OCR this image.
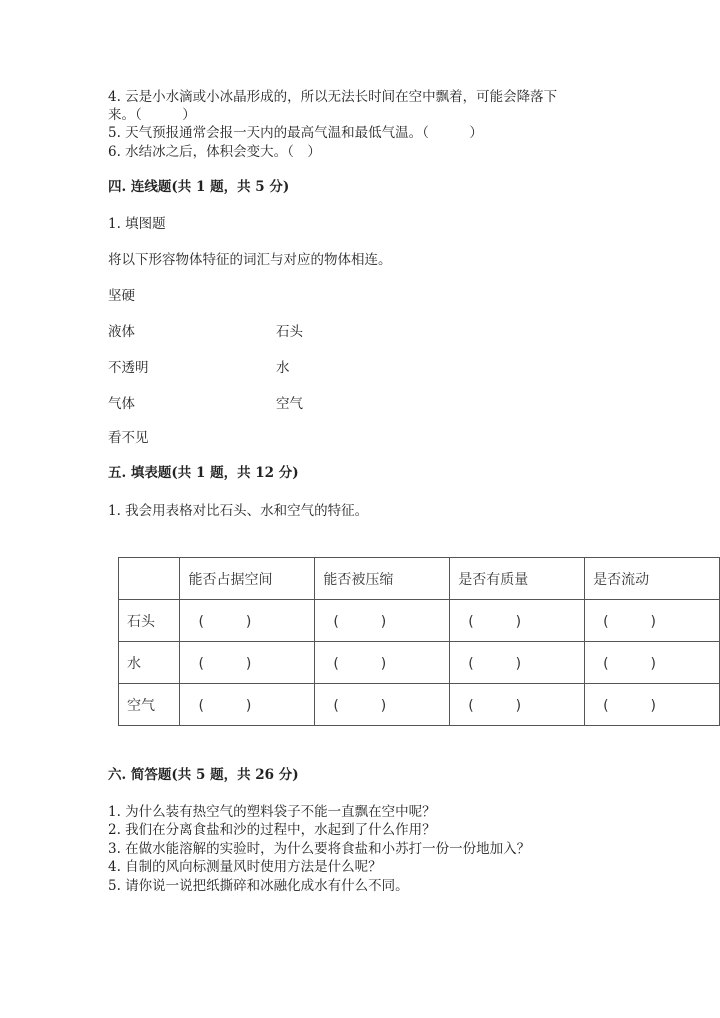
4. 云是小水滴或小冰晶形成的，所以无法长时间在空中飘着，可能会降落下
来。（　　　）
5. 天气预报通常会报一天内的最高气温和最低气温。（　　　）
6. 水结冰之后，体积会变大。（　）
四. 连线题(共 1 题，共 5 分)
1. 填图题
将以下形容物体特征的词汇与对应的物体相连。
坚硬
液体
不透明
气体
看不见
石头
水
空气
五. 填表题(共 1 题，共 12 分)
1. 我会用表格对比石头、水和空气的特征。
	能否占据空间	能否被压缩	是否有质量	是否流动
石头	(　　　)	(　　　)	(　　　)	(　　　)
水	(　　　)	(　　　)	(　　　)	(　　　)
空气	(　　　)	(　　　)	(　　　)	(　　　)
六. 简答题(共 5 题，共 26 分)
1. 为什么装有热空气的塑料袋子不能一直飘在空中呢？
2. 我们在分离食盐和沙的过程中，水起到了什么作用？
3. 在做水能溶解的实验时，为什么要将食盐和小苏打一份一份地加入？
4. 自制的风向标测量风时使用方法是什么呢？
5. 请你说一说把纸撕碎和冰融化成水有什么不同。
